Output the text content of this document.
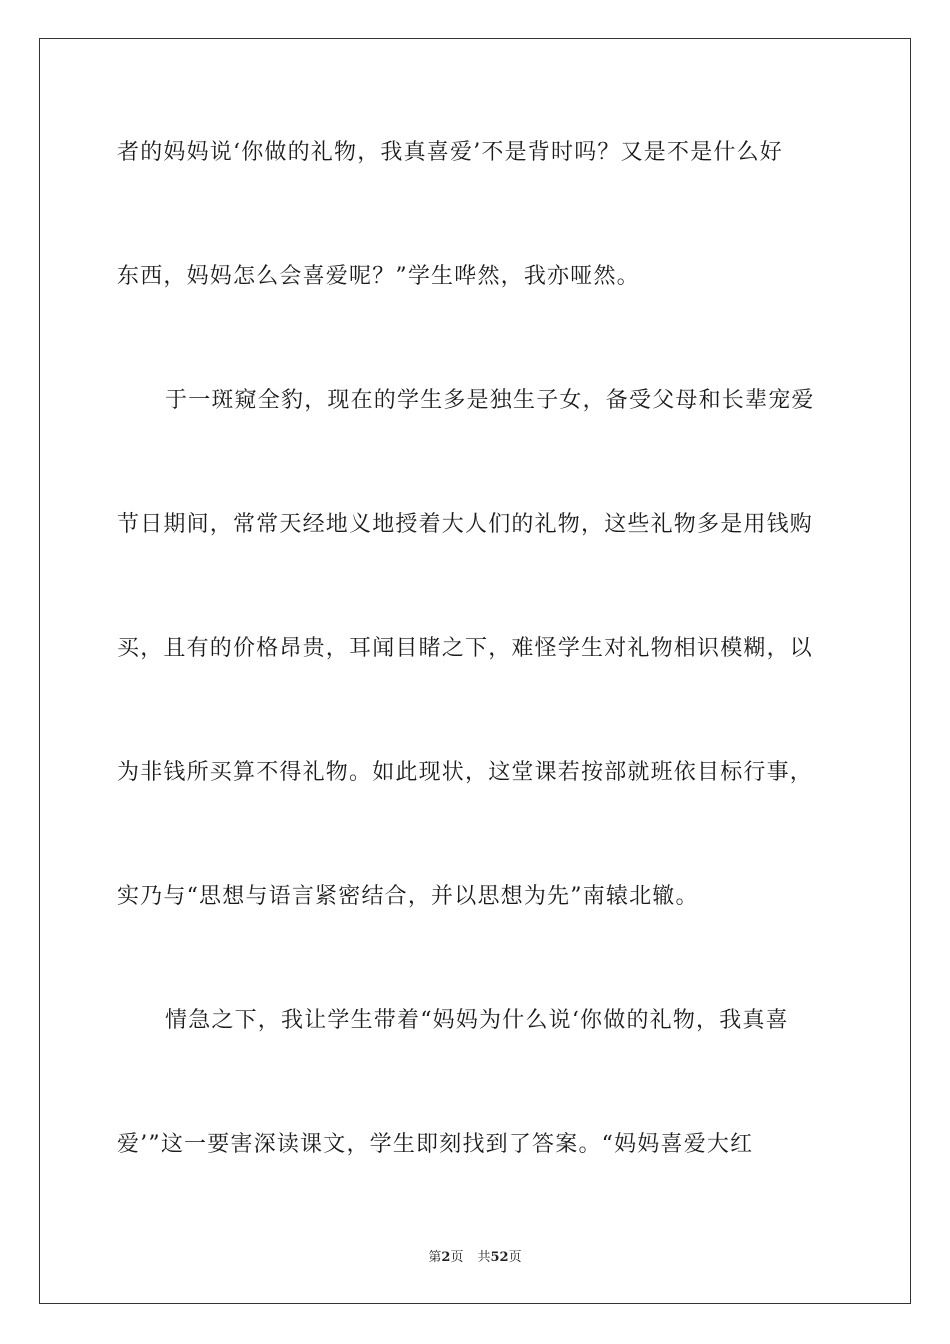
者的妈妈说‘你做的礼物，我真喜爱’不是背时吗？又是不是什么好
东西，妈妈怎么会喜爱呢？”学生哗然，我亦哑然。
于一斑窥全豹，现在的学生多是独生子女，备受父母和长辈宠爱
节日期间，常常天经地义地授着大人们的礼物，这些礼物多是用钱购
买，且有的价格昂贵，耳闻目睹之下，难怪学生对礼物相识模糊，以
为非钱所买算不得礼物。如此现状，这堂课若按部就班依目标行事，
实乃与“思想与语言紧密结合，并以思想为先”南辕北辙。
情急之下，我让学生带着“妈妈为什么说‘你做的礼物，我真喜
爱’”这一要害深读课文，学生即刻找到了答案。“妈妈喜爱大红
第2页 共52页
